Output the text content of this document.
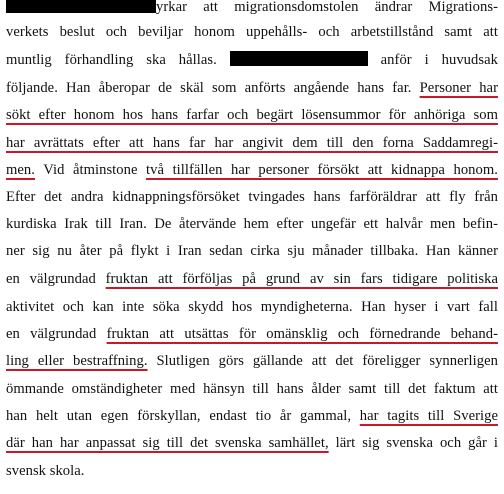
yrkar att migrationsdomstolen ändrar Migrations-
verkets beslut och beviljar honom uppehålls- och arbetstillstånd samt att
muntlig förhandling ska hållas.	anför i huvudsak
följande. Han åberopar de skäl som anförts angående hans far. Personer har
sökt efter honom hos hans farfar och begärt lösensummor för anhöriga som
har avrättats efter att hans far har angivit dem till den forna Saddamregi-
men. Vid åtminstone två tillfällen har personer försökt att kidnappa honom.
Efter det andra kidnappningsförsöket tvingades hans farföräldrar att fly från
kurdiska Irak till Iran. De återvände hem efter ungefär ett halvår men befin-
ner sig nu åter på flykt i Iran sedan cirka sju månader tillbaka. Han känner
en välgrundad fruktan att förföljas på grund av sin fars tidigare politiska
aktivitet och kan inte söka skydd hos myndigheterna. Han hyser i vart fall
en välgrundad fruktan att utsättas för omänsklig och förnedrande behand-
ling eller bestraffning. Slutligen görs gällande att det föreligger synnerligen
ömmande omständigheter med hänsyn till hans ålder samt till det faktum att
han helt utan egen förskyllan, endast tio år gammal, har tagits till Sverige
där han har anpassat sig till det svenska samhället, lärt sig svenska och går i
svensk skola.
